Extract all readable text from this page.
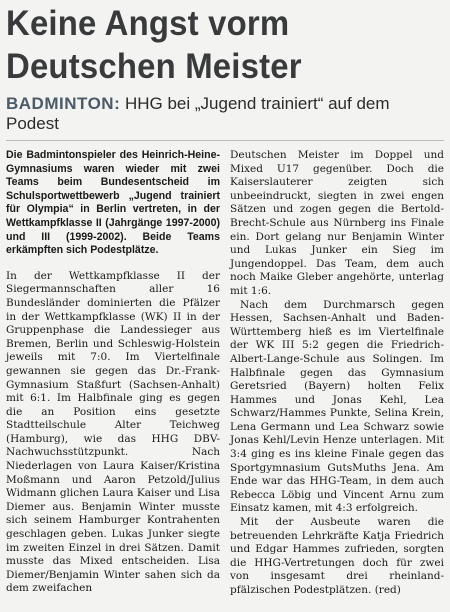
Keine Angst vorm
Deutschen Meister
BADMINTON: HHG bei „Jugend trainiert“ auf dem Podest

Die Badmintonspieler des Heinrich-Heine-Gymnasiums waren wieder mit zwei Teams beim Bundesentscheid im Schulsportwettbewerb „Jugend trainiert für Olympia“ in Berlin vertreten, in der Wettkampfklasse II (Jahrgänge 1997-2000) und III (1999-2002). Beide Teams erkämpften sich Podestplätze.

In der Wettkampfklasse II der Siegermannschaften aller 16 Bundesländer dominierten die Pfälzer in der Wettkampfklasse (WK) II in der Gruppenphase die Landessieger aus Bremen, Berlin und Schleswig-Holstein jeweils mit 7:0. Im Viertelfinale gewannen sie gegen das Dr.-Frank-Gymnasium Staßfurt (Sachsen-Anhalt) mit 6:1. Im Halbfinale ging es gegen die an Position eins gesetzte Stadtteilschule Alter Teichweg (Hamburg), wie das HHG DBV-Nachwuchsstützpunkt. Nach Niederlagen von Laura Kaiser/Kristina Moßmann und Aaron Petzold/Julius Widmann glichen Laura Kaiser und Lisa Diemer aus. Benjamin Winter musste sich seinem Hamburger Kontrahenten geschlagen geben. Lukas Junker siegte im zweiten Einzel in drei Sätzen. Damit musste das Mixed entscheiden. Lisa Diemer/Benjamin Winter sahen sich da dem zweifachen

Deutschen Meister im Doppel und Mixed U17 gegenüber. Doch die Kaiserslauterer zeigten sich unbeeindruckt, siegten in zwei engen Sätzen und zogen gegen die Bertold-Brecht-Schule aus Nürnberg ins Finale ein. Dort gelang nur Benjamin Winter und Lukas Junker ein Sieg im Jungendoppel. Das Team, dem auch noch Maike Gleber angehörte, unterlag mit 1:6.

Nach dem Durchmarsch gegen Hessen, Sachsen-Anhalt und Baden-Württemberg hieß es im Viertelfinale der WK III 5:2 gegen die Friedrich-Albert-Lange-Schule aus Solingen. Im Halbfinale gegen das Gymnasium Geretsried (Bayern) holten Felix Hammes und Jonas Kehl, Lea Schwarz/Hammes Punkte, Selina Krein, Lena Germann und Lea Schwarz sowie Jonas Kehl/Levin Henze unterlagen. Mit 3:4 ging es ins kleine Finale gegen das Sportgymnasium GutsMuths Jena. Am Ende war das HHG-Team, in dem auch Rebecca Löbig und Vincent Arnu zum Einsatz kamen, mit 4:3 erfolgreich.

Mit der Ausbeute waren die betreuenden Lehrkräfte Katja Friedrich und Edgar Hammes zufrieden, sorgten die HHG-Vertretungen doch für zwei von insgesamt drei rheinland-pfälzischen Podestplätzen. (red)
